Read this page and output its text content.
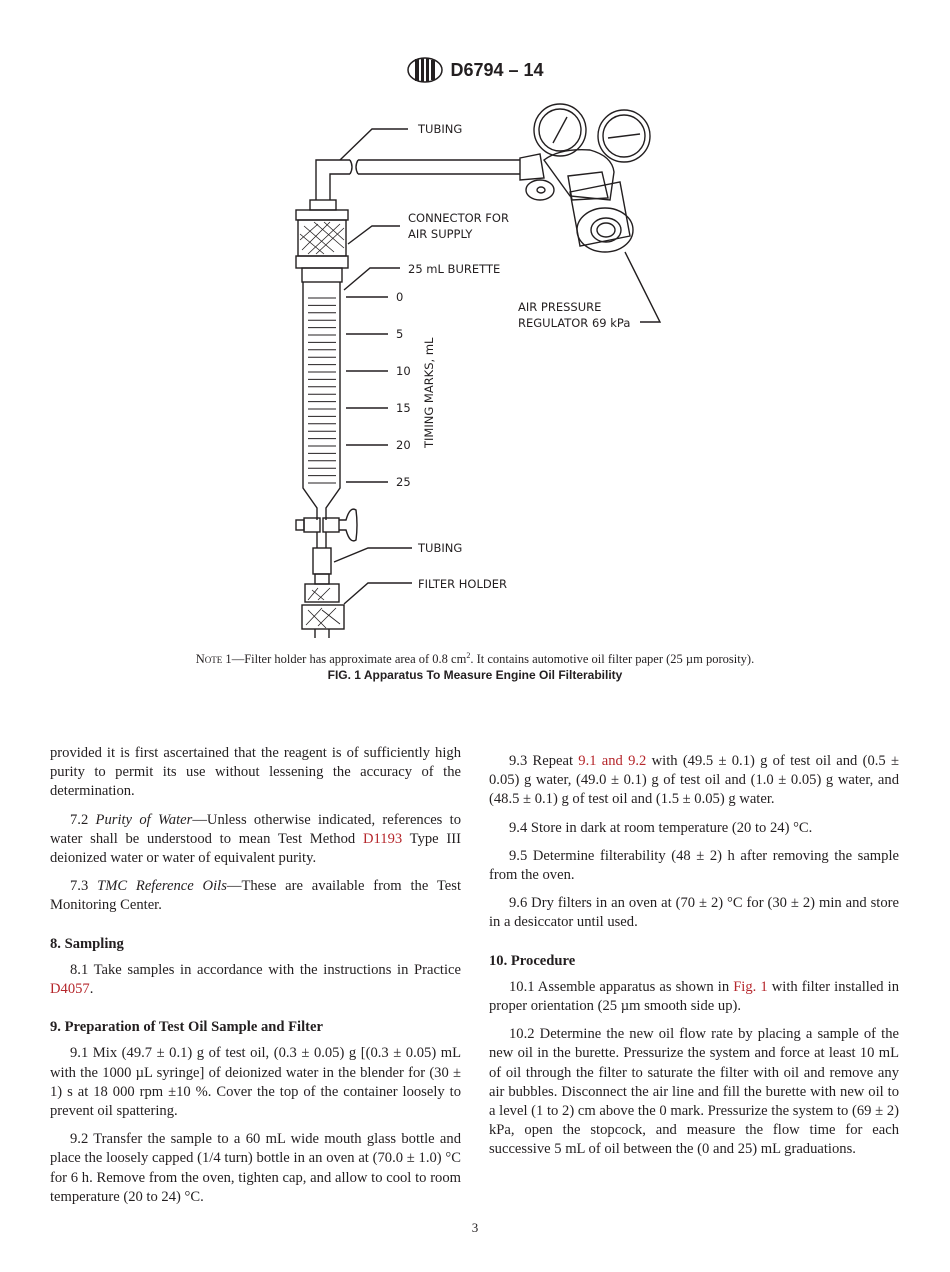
D6794 – 14
0
5
10
15
20
25
TUBING
CONNECTOR FOR
AIR SUPPLY
25 mL BURETTE
AIR PRESSURE
REGULATOR 69 kPa
TIMING MARKS, mL
TUBING
FILTER HOLDER
Note 1—Filter holder has approximate area of 0.8 $cm^2$. It contains automotive oil filter paper (25 µm porosity).
FIG. 1 Apparatus To Measure Engine Oil Filterability

provided it is first ascertained that the reagent is of sufficiently high purity to permit its use without lessening the accuracy of the determination.

7.2 Purity of Water—Unless otherwise indicated, references to water shall be understood to mean Test Method D1193 Type III deionized water or water of equivalent purity.

7.3 TMC Reference Oils—These are available from the Test Monitoring Center.

8. Sampling

8.1 Take samples in accordance with the instructions in Practice D4057.

9. Preparation of Test Oil Sample and Filter

9.1 Mix (49.7 ± 0.1) g of test oil, (0.3 ± 0.05) g [(0.3 ± 0.05) mL with the 1000 µL syringe] of deionized water in the blender for (30 ± 1) s at 18 000 rpm ±10 %. Cover the top of the container loosely to prevent oil spattering.

9.2 Transfer the sample to a 60 mL wide mouth glass bottle and place the loosely capped (1/4 turn) bottle in an oven at (70.0 ± 1.0) °C for 6 h. Remove from the oven, tighten cap, and allow to cool to room temperature (20 to 24) °C.

9.3 Repeat 9.1 and 9.2 with (49.5 ± 0.1) g of test oil and (0.5 ± 0.05) g water, (49.0 ± 0.1) g of test oil and (1.0 ± 0.05) g water, and (48.5 ± 0.1) g of test oil and (1.5 ± 0.05) g water.

9.4 Store in dark at room temperature (20 to 24) °C.

9.5 Determine filterability (48 ± 2) h after removing the sample from the oven.

9.6 Dry filters in an oven at (70 ± 2) °C for (30 ± 2) min and store in a desiccator until used.

10. Procedure

10.1 Assemble apparatus as shown in Fig. 1 with filter installed in proper orientation (25 µm smooth side up).

10.2 Determine the new oil flow rate by placing a sample of the new oil in the burette. Pressurize the system and force at least 10 mL of oil through the filter to saturate the filter with oil and remove any air bubbles. Disconnect the air line and fill the burette with new oil to a level (1 to 2) cm above the 0 mark. Pressurize the system to (69 ± 2) kPa, open the stopcock, and measure the flow time for each successive 5 mL of oil between the (0 and 25) mL graduations.

3
